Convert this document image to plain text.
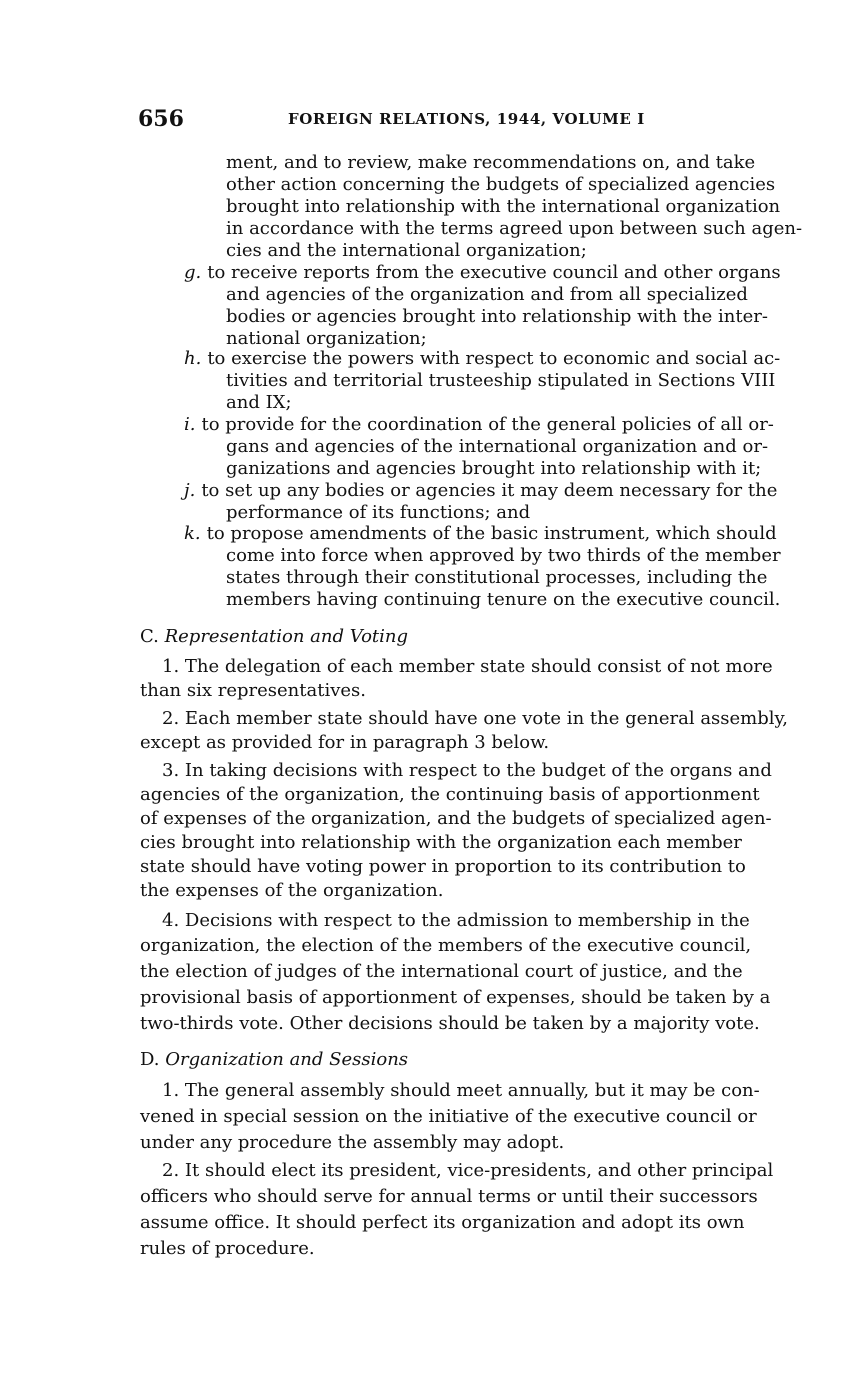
656	FOREIGN RELATIONS, 1944, VOLUME I
ment, and to review, make recommendations on, and take
other action concerning the budgets of specialized agencies
brought into relationship with the international organization
in accordance with the terms agreed upon between such agen-
cies and the international organization;
g. to receive reports from the executive council and other organs
and agencies of the organization and from all specialized
bodies or agencies brought into relationship with the inter-
national organization;
h. to exercise the powers with respect to economic and social ac-
tivities and territorial trusteeship stipulated in Sections VIII
and IX;
i. to provide for the coordination of the general policies of all or-
gans and agencies of the international organization and or-
ganizations and agencies brought into relationship with it;
j. to set up any bodies or agencies it may deem necessary for the
performance of its functions; and
k. to propose amendments of the basic instrument, which should
come into force when approved by two thirds of the member
states through their constitutional processes, including the
members having continuing tenure on the executive council.
C. Representation and Voting
1. The delegation of each member state should consist of not more
than six representatives.
2. Each member state should have one vote in the general assembly,
except as provided for in paragraph 3 below.
3. In taking decisions with respect to the budget of the organs and
agencies of the organization, the continuing basis of apportionment
of expenses of the organization, and the budgets of specialized agen-
cies brought into relationship with the organization each member
state should have voting power in proportion to its contribution to
the expenses of the organization.
4. Decisions with respect to the admission to membership in the
organization, the election of the members of the executive council,
the election of judges of the international court of justice, and the
provisional basis of apportionment of expenses, should be taken by a
two-thirds vote. Other decisions should be taken by a majority vote.
D. Organization and Sessions
1. The general assembly should meet annually, but it may be con-
vened in special session on the initiative of the executive council or
under any procedure the assembly may adopt.
2. It should elect its president, vice-presidents, and other principal
officers who should serve for annual terms or until their successors
assume office. It should perfect its organization and adopt its own
rules of procedure.
